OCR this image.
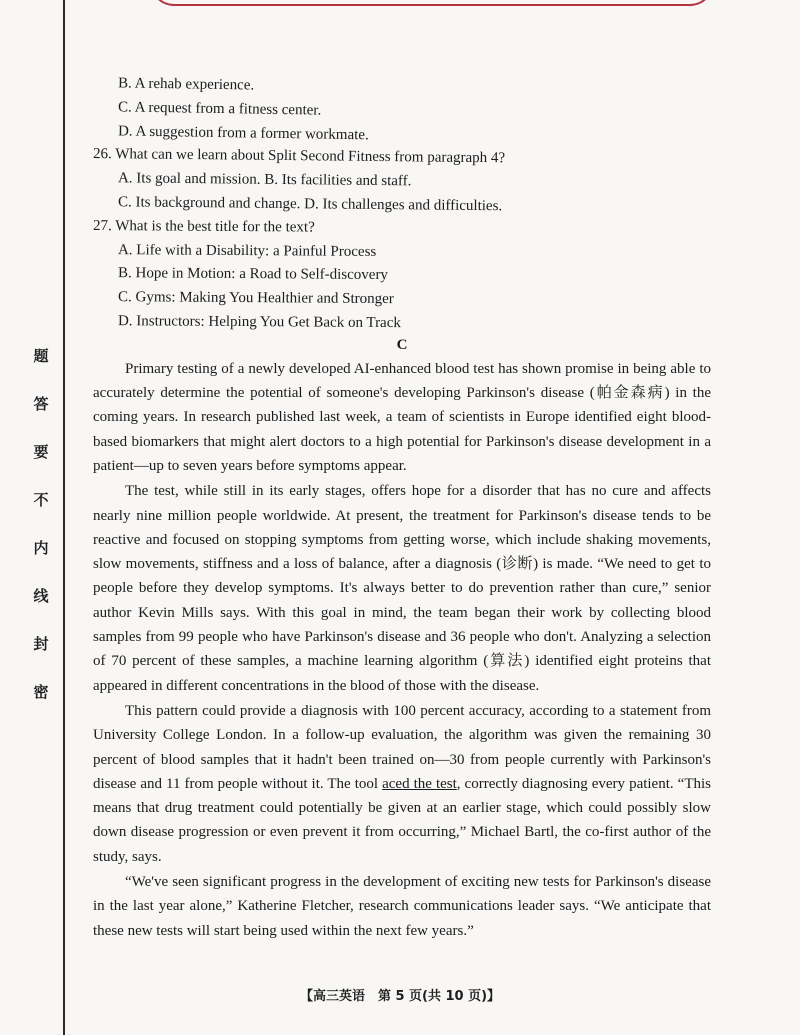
题
答
要
不
内
线
封
密
B. A rehab experience.
C. A request from a fitness center.
D. A suggestion from a former workmate.
26. What can we learn about Split Second Fitness from paragraph 4?
A. Its goal and mission. B. Its facilities and staff.
C. Its background and change. D. Its challenges and difficulties.
27. What is the best title for the text?
A. Life with a Disability: a Painful Process
B. Hope in Motion: a Road to Self-discovery
C. Gyms: Making You Healthier and Stronger
D. Instructors: Helping You Get Back on Track
C

Primary testing of a newly developed AI-enhanced blood test has shown promise in being able to accurately determine the potential of someone's developing Parkinson's disease (帕金森病) in the coming years. In research published last week, a team of scientists in Europe identified eight blood-based biomarkers that might alert doctors to a high potential for Parkinson's disease development in a patient—up to seven years before symptoms appear.

The test, while still in its early stages, offers hope for a disorder that has no cure and affects nearly nine million people worldwide. At present, the treatment for Parkinson's disease tends to be reactive and focused on stopping symptoms from getting worse, which include shaking movements, slow movements, stiffness and a loss of balance, after a diagnosis (诊断) is made. “We need to get to people before they develop symptoms. It's always better to do prevention rather than cure,” senior author Kevin Mills says. With this goal in mind, the team began their work by collecting blood samples from 99 people who have Parkinson's disease and 36 people who don't. Analyzing a selection of 70 percent of these samples, a machine learning algorithm (算法) identified eight proteins that appeared in different concentrations in the blood of those with the disease.

This pattern could provide a diagnosis with 100 percent accuracy, according to a statement from University College London. In a follow-up evaluation, the algorithm was given the remaining 30 percent of blood samples that it hadn't been trained on—30 from people currently with Parkinson's disease and 11 from people without it. The tool aced the test, correctly diagnosing every patient. “This means that drug treatment could potentially be given at an earlier stage, which could possibly slow down disease progression or even prevent it from occurring,” Michael Bartl, the co-first author of the study, says.

“We've seen significant progress in the development of exciting new tests for Parkinson's disease in the last year alone,” Katherine Fletcher, research communications leader says. “We anticipate that these new tests will start being used within the next few years.”

【高三英语　第 5 页(共 10 页)】
